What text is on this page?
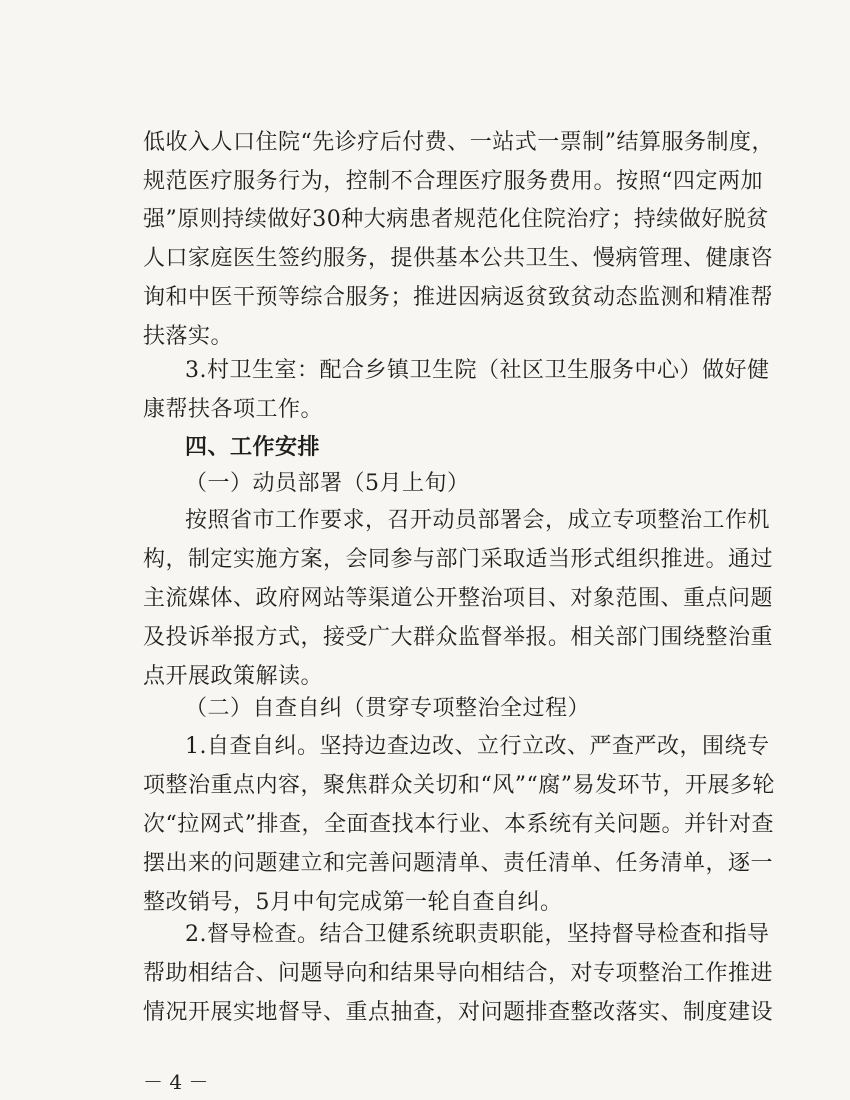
低收入人口住院“先诊疗后付费、一站式一票制”结算服务制度，
规范医疗服务行为，控制不合理医疗服务费用。按照“四定两加
强”原则持续做好30种大病患者规范化住院治疗；持续做好脱贫
人口家庭医生签约服务，提供基本公共卫生、慢病管理、健康咨
询和中医干预等综合服务；推进因病返贫致贫动态监测和精准帮
扶落实。
3.村卫生室：配合乡镇卫生院（社区卫生服务中心）做好健
康帮扶各项工作。
四、工作安排
（一）动员部署（5月上旬）
按照省市工作要求，召开动员部署会，成立专项整治工作机
构，制定实施方案，会同参与部门采取适当形式组织推进。通过
主流媒体、政府网站等渠道公开整治项目、对象范围、重点问题
及投诉举报方式，接受广大群众监督举报。相关部门围绕整治重
点开展政策解读。
（二）自查自纠（贯穿专项整治全过程）
1.自查自纠。坚持边查边改、立行立改、严查严改，围绕专
项整治重点内容，聚焦群众关切和“风”“腐”易发环节，开展多轮
次“拉网式”排查，全面查找本行业、本系统有关问题。并针对查
摆出来的问题建立和完善问题清单、责任清单、任务清单，逐一
整改销号，5月中旬完成第一轮自查自纠。
2.督导检查。结合卫健系统职责职能，坚持督导检查和指导
帮助相结合、问题导向和结果导向相结合，对专项整治工作推进
情况开展实地督导、重点抽查，对问题排查整改落实、制度建设
－ 4 －
